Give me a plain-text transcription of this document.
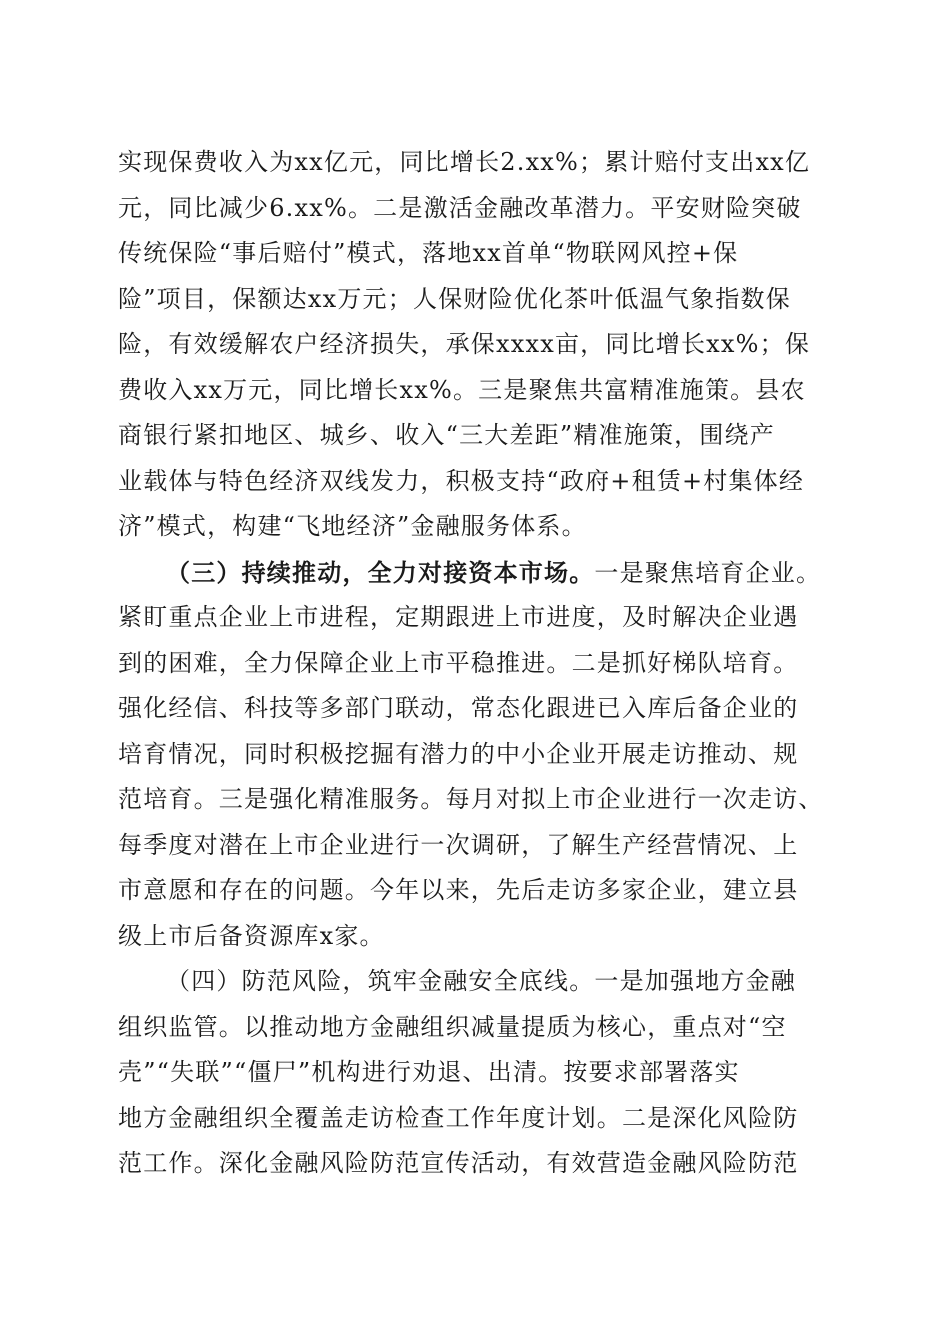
实现保费收入为xx亿元，同比增长2.xx%；累计赔付支出xx亿
元，同比减少6.xx%。二是激活金融改革潜力。平安财险突破
传统保险“事后赔付”模式，落地xx首单“物联网风控+保
险”项目，保额达xx万元；人保财险优化茶叶低温气象指数保
险，有效缓解农户经济损失，承保xxxx亩，同比增长xx%；保
费收入xx万元，同比增长xx%。三是聚焦共富精准施策。县农
商银行紧扣地区、城乡、收入“三大差距”精准施策，围绕产
业载体与特色经济双线发力，积极支持“政府+租赁+村集体经
济”模式，构建“飞地经济”金融服务体系。
（三）持续推动，全力对接资本市场。一是聚焦培育企业。
紧盯重点企业上市进程，定期跟进上市进度，及时解决企业遇
到的困难，全力保障企业上市平稳推进。二是抓好梯队培育。
强化经信、科技等多部门联动，常态化跟进已入库后备企业的
培育情况，同时积极挖掘有潜力的中小企业开展走访推动、规
范培育。三是强化精准服务。每月对拟上市企业进行一次走访、
每季度对潜在上市企业进行一次调研，了解生产经营情况、上
市意愿和存在的问题。今年以来，先后走访多家企业，建立县
级上市后备资源库x家。
（四）防范风险，筑牢金融安全底线。一是加强地方金融
组织监管。以推动地方金融组织减量提质为核心，重点对“空
壳”“失联”“僵尸”机构进行劝退、出清。按要求部署落实
地方金融组织全覆盖走访检查工作年度计划。二是深化风险防
范工作。深化金融风险防范宣传活动，有效营造金融风险防范
